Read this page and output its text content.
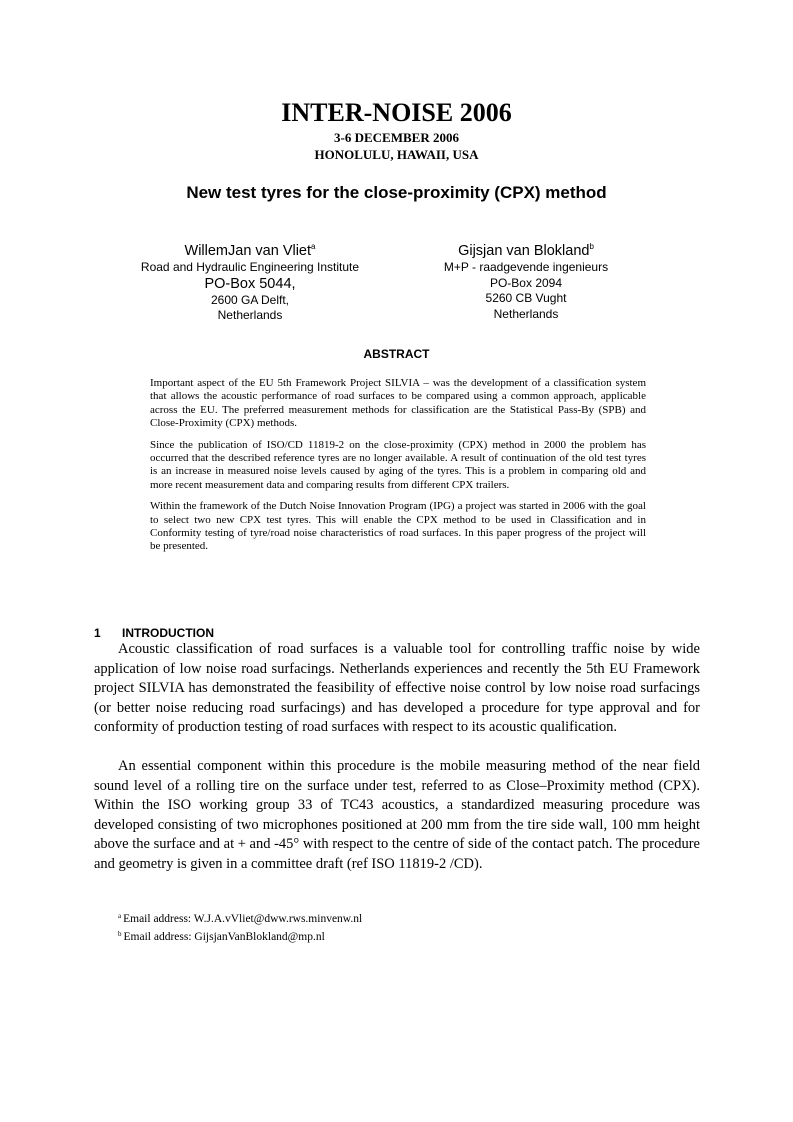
INTER-NOISE 2006
3-6 DECEMBER 2006
HONOLULU, HAWAII, USA
New test tyres for the close-proximity (CPX) method
WillemJan van Vliet$^a$
Road and Hydraulic Engineering Institute
PO-Box 5044,
2600 GA Delft,
Netherlands
Gijsjan van Blokland$^b$
M+P - raadgevende ingenieurs
PO-Box 2094
5260 CB Vught
Netherlands
ABSTRACT

Important aspect of the EU 5th Framework Project SILVIA – was the development of a classification system that allows the acoustic performance of road surfaces to be compared using a common approach, applicable across the EU. The preferred measurement methods for classification are the Statistical Pass-By (SPB) and Close-Proximity (CPX) methods.

Since the publication of ISO/CD 11819-2 on the close-proximity (CPX) method in 2000 the problem has occurred that the described reference tyres are no longer available. A result of continuation of the old test tyres is an increase in measured noise levels caused by aging of the tyres. This is a problem in comparing old and more recent measurement data and comparing results from different CPX trailers.

Within the framework of the Dutch Noise Innovation Program (IPG) a project was started in 2006 with the goal to select two new CPX test tyres. This will enable the CPX method to be used in Classification and in Conformity testing of tyre/road noise characteristics of road surfaces. In this paper progress of the project will be presented.

1 INTRODUCTION

Acoustic classification of road surfaces is a valuable tool for controlling traffic noise by wide application of low noise road surfacings. Netherlands experiences and recently the 5th EU Framework project SILVIA has demonstrated the feasibility of effective noise control by low noise road surfacings (or better noise reducing road surfacings) and has developed a procedure for type approval and for conformity of production testing of road surfaces with respect to its acoustic qualification.

An essential component within this procedure is the mobile measuring method of the near field sound level of a rolling tire on the surface under test, referred to as Close–Proximity method (CPX). Within the ISO working group 33 of TC43 acoustics, a standardized measuring procedure was developed consisting of two microphones positioned at 200 mm from the tire side wall, 100 mm height above the surface and at + and -45° with respect to the centre of side of the contact patch. The procedure and geometry is given in a committee draft (ref ISO 11819-2 /CD).

$^a$ Email address: W.J.A.vVliet@dww.rws.minvenw.nl
$^b$ Email address: GijsjanVanBlokland@mp.nl
